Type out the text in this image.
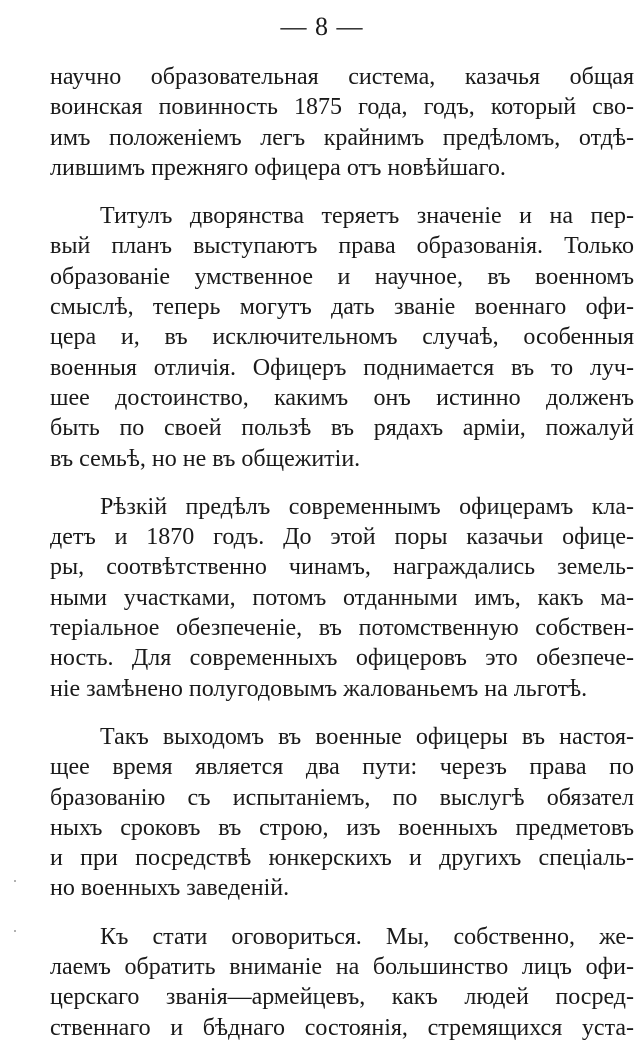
— 8 —
научно образовательная система, казачья общая
воинская повинность 1875 года, годъ, который сво-
имъ положеніемъ легъ крайнимъ предѣломъ, отдѣ-
лившимъ прежняго офицера отъ новѣйшаго.
Титулъ дворянства теряетъ значеніе и на пер-
вый планъ выступаютъ права образованія. Только
образованіе умственное и научное, въ военномъ
смыслѣ, теперь могутъ дать званіе военнаго офи-
цера и, въ исключительномъ случаѣ, особенныя
военныя отличія. Офицеръ поднимается въ то луч-
шее достоинство, какимъ онъ истинно долженъ
быть по своей пользѣ въ рядахъ арміи, пожалуй
въ семьѣ, но не въ общежитіи.
Рѣзкій предѣлъ современнымъ офицерамъ кла-
детъ и 1870 годъ. До этой поры казачьи офице-
ры, соотвѣтственно чинамъ, награждались земель-
ными участками, потомъ отданными имъ, какъ ма-
теріальное обезпеченіе, въ потомственную собствен-
ность. Для современныхъ офицеровъ это обезпече-
ніе замѣнено полугодовымъ жалованьемъ на льготѣ.
Такъ выходомъ въ военные офицеры въ настоя-
щее время является два пути: черезъ права по
бразованію съ испытаніемъ, по выслугѣ обязател
ныхъ сроковъ въ строю, изъ военныхъ предметовъ
и при посредствѣ юнкерскихъ и другихъ спеціаль-
но военныхъ заведеній.
Къ стати оговориться. Мы, собственно, же-
лаемъ обратить вниманіе на большинство лицъ офи-
церскаго званія—армейцевъ, какъ людей посред-
ственнаго и бѣднаго состоянія, стремящихся уста-
